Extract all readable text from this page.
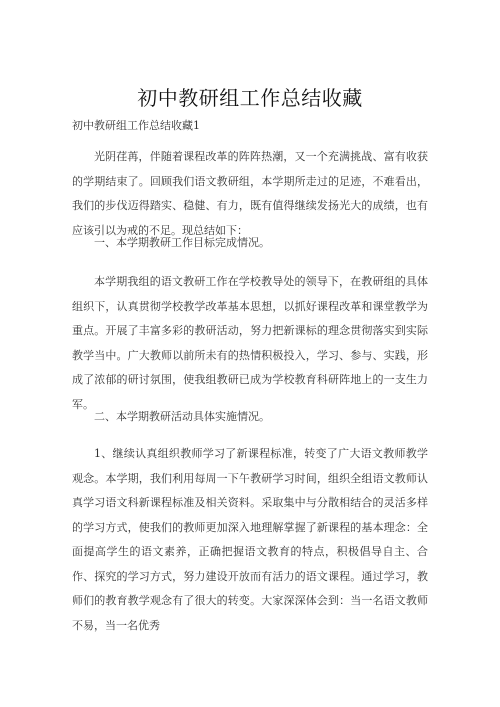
初中教研组工作总结收藏
初中教研组工作总结收藏1

光阴荏苒，伴随着课程改革的阵阵热潮，又一个充满挑战、富有收获的学期结束了。回顾我们语文教研组，本学期所走过的足迹，不难看出，我们的步伐迈得踏实、稳健、有力，既有值得继续发扬光大的成绩，也有应该引以为戒的不足。现总结如下：

一、本学期教研工作目标完成情况。

本学期我组的语文教研工作在学校教导处的领导下，在教研组的具体组织下，认真贯彻学校教学改革基本思想，以抓好课程改革和课堂教学为重点。开展了丰富多彩的教研活动，努力把新课标的理念贯彻落实到实际教学当中。广大教师以前所未有的热情积极投入，学习、参与、实践，形成了浓郁的研讨氛围，使我组教研已成为学校教育科研阵地上的一支生力军。

二、本学期教研活动具体实施情况。

1、继续认真组织教师学习了新课程标准，转变了广大语文教师教学观念。本学期，我们利用每周一下午教研学习时间，组织全组语文教师认真学习语文科新课程标准及相关资料。采取集中与分散相结合的灵活多样的学习方式，使我们的教师更加深入地理解掌握了新课程的基本理念：全面提高学生的语文素养，正确把握语文教育的特点，积极倡导自主、合作、探究的学习方式，努力建设开放而有活力的语文课程。通过学习，教师们的教育教学观念有了很大的转变。大家深深体会到：当一名语文教师不易，当一名优秀
